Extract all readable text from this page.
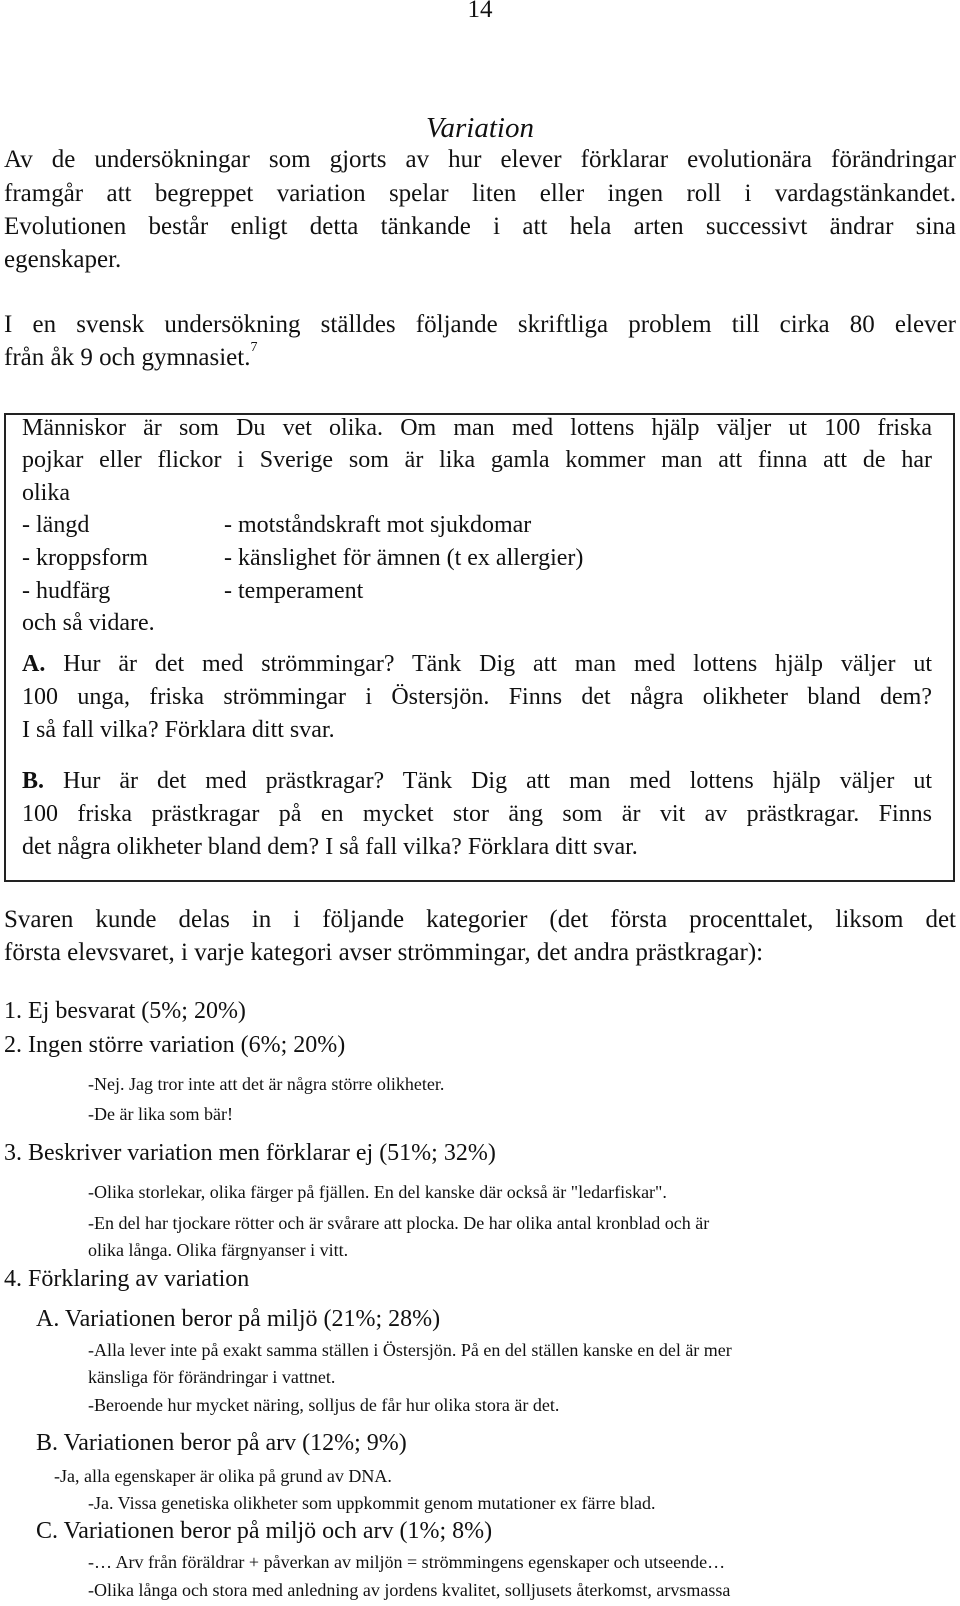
14
Variation
Av de undersökningar som gjorts av hur elever förklarar evolutionära förändringar
framgår att begreppet variation spelar liten eller ingen roll i vardagstänkandet.
Evolutionen består enligt detta tänkande i att hela arten successivt ändrar sina
egenskaper.
I en svensk undersökning ställdes följande skriftliga problem till cirka 80 elever
från åk 9 och gymnasiet.$^7$
Människor är som Du vet olika. Om man med lottens hjälp väljer ut 100 friska
pojkar eller flickor i Sverige som är lika gamla kommer man att finna att de har
olika
- längd	- motståndskraft mot sjukdomar
- kroppsform	- känslighet för ämnen (t ex allergier)
- hudfärg	- temperament
och så vidare.
A. Hur är det med strömmingar? Tänk Dig att man med lottens hjälp väljer ut
100 unga, friska strömmingar i Östersjön. Finns det några olikheter bland dem?
I så fall vilka? Förklara ditt svar.
B. Hur är det med prästkragar? Tänk Dig att man med lottens hjälp väljer ut
100 friska prästkragar på en mycket stor äng som är vit av prästkragar. Finns
det några olikheter bland dem? I så fall vilka? Förklara ditt svar.
Svaren kunde delas in i följande kategorier (det första procenttalet, liksom det
första elevsvaret, i varje kategori avser strömmingar, det andra prästkragar):
1. Ej besvarat (5%; 20%)
2. Ingen större variation (6%; 20%)
-Nej. Jag tror inte att det är några större olikheter.
-De är lika som bär!
3. Beskriver variation men förklarar ej (51%; 32%)
-Olika storlekar, olika färger på fjällen. En del kanske där också är "ledarfiskar".
-En del har tjockare rötter och är svårare att plocka. De har olika antal kronblad och är
olika långa. Olika färgnyanser i vitt.
4. Förklaring av variation
A. Variationen beror på miljö (21%; 28%)
-Alla lever inte på exakt samma ställen i Östersjön. På en del ställen kanske en del är mer
känsliga för förändringar i vattnet.
-Beroende hur mycket näring, solljus de får hur olika stora är det.
B. Variationen beror på arv (12%; 9%)
-Ja, alla egenskaper är olika på grund av DNA.
-Ja. Vissa genetiska olikheter som uppkommit genom mutationer ex färre blad.
C. Variationen beror på miljö och arv (1%; 8%)
-… Arv från föräldrar + påverkan av miljön = strömmingens egenskaper och utseende…
-Olika långa och stora med anledning av jordens kvalitet, solljusets återkomst, arvsmassa
